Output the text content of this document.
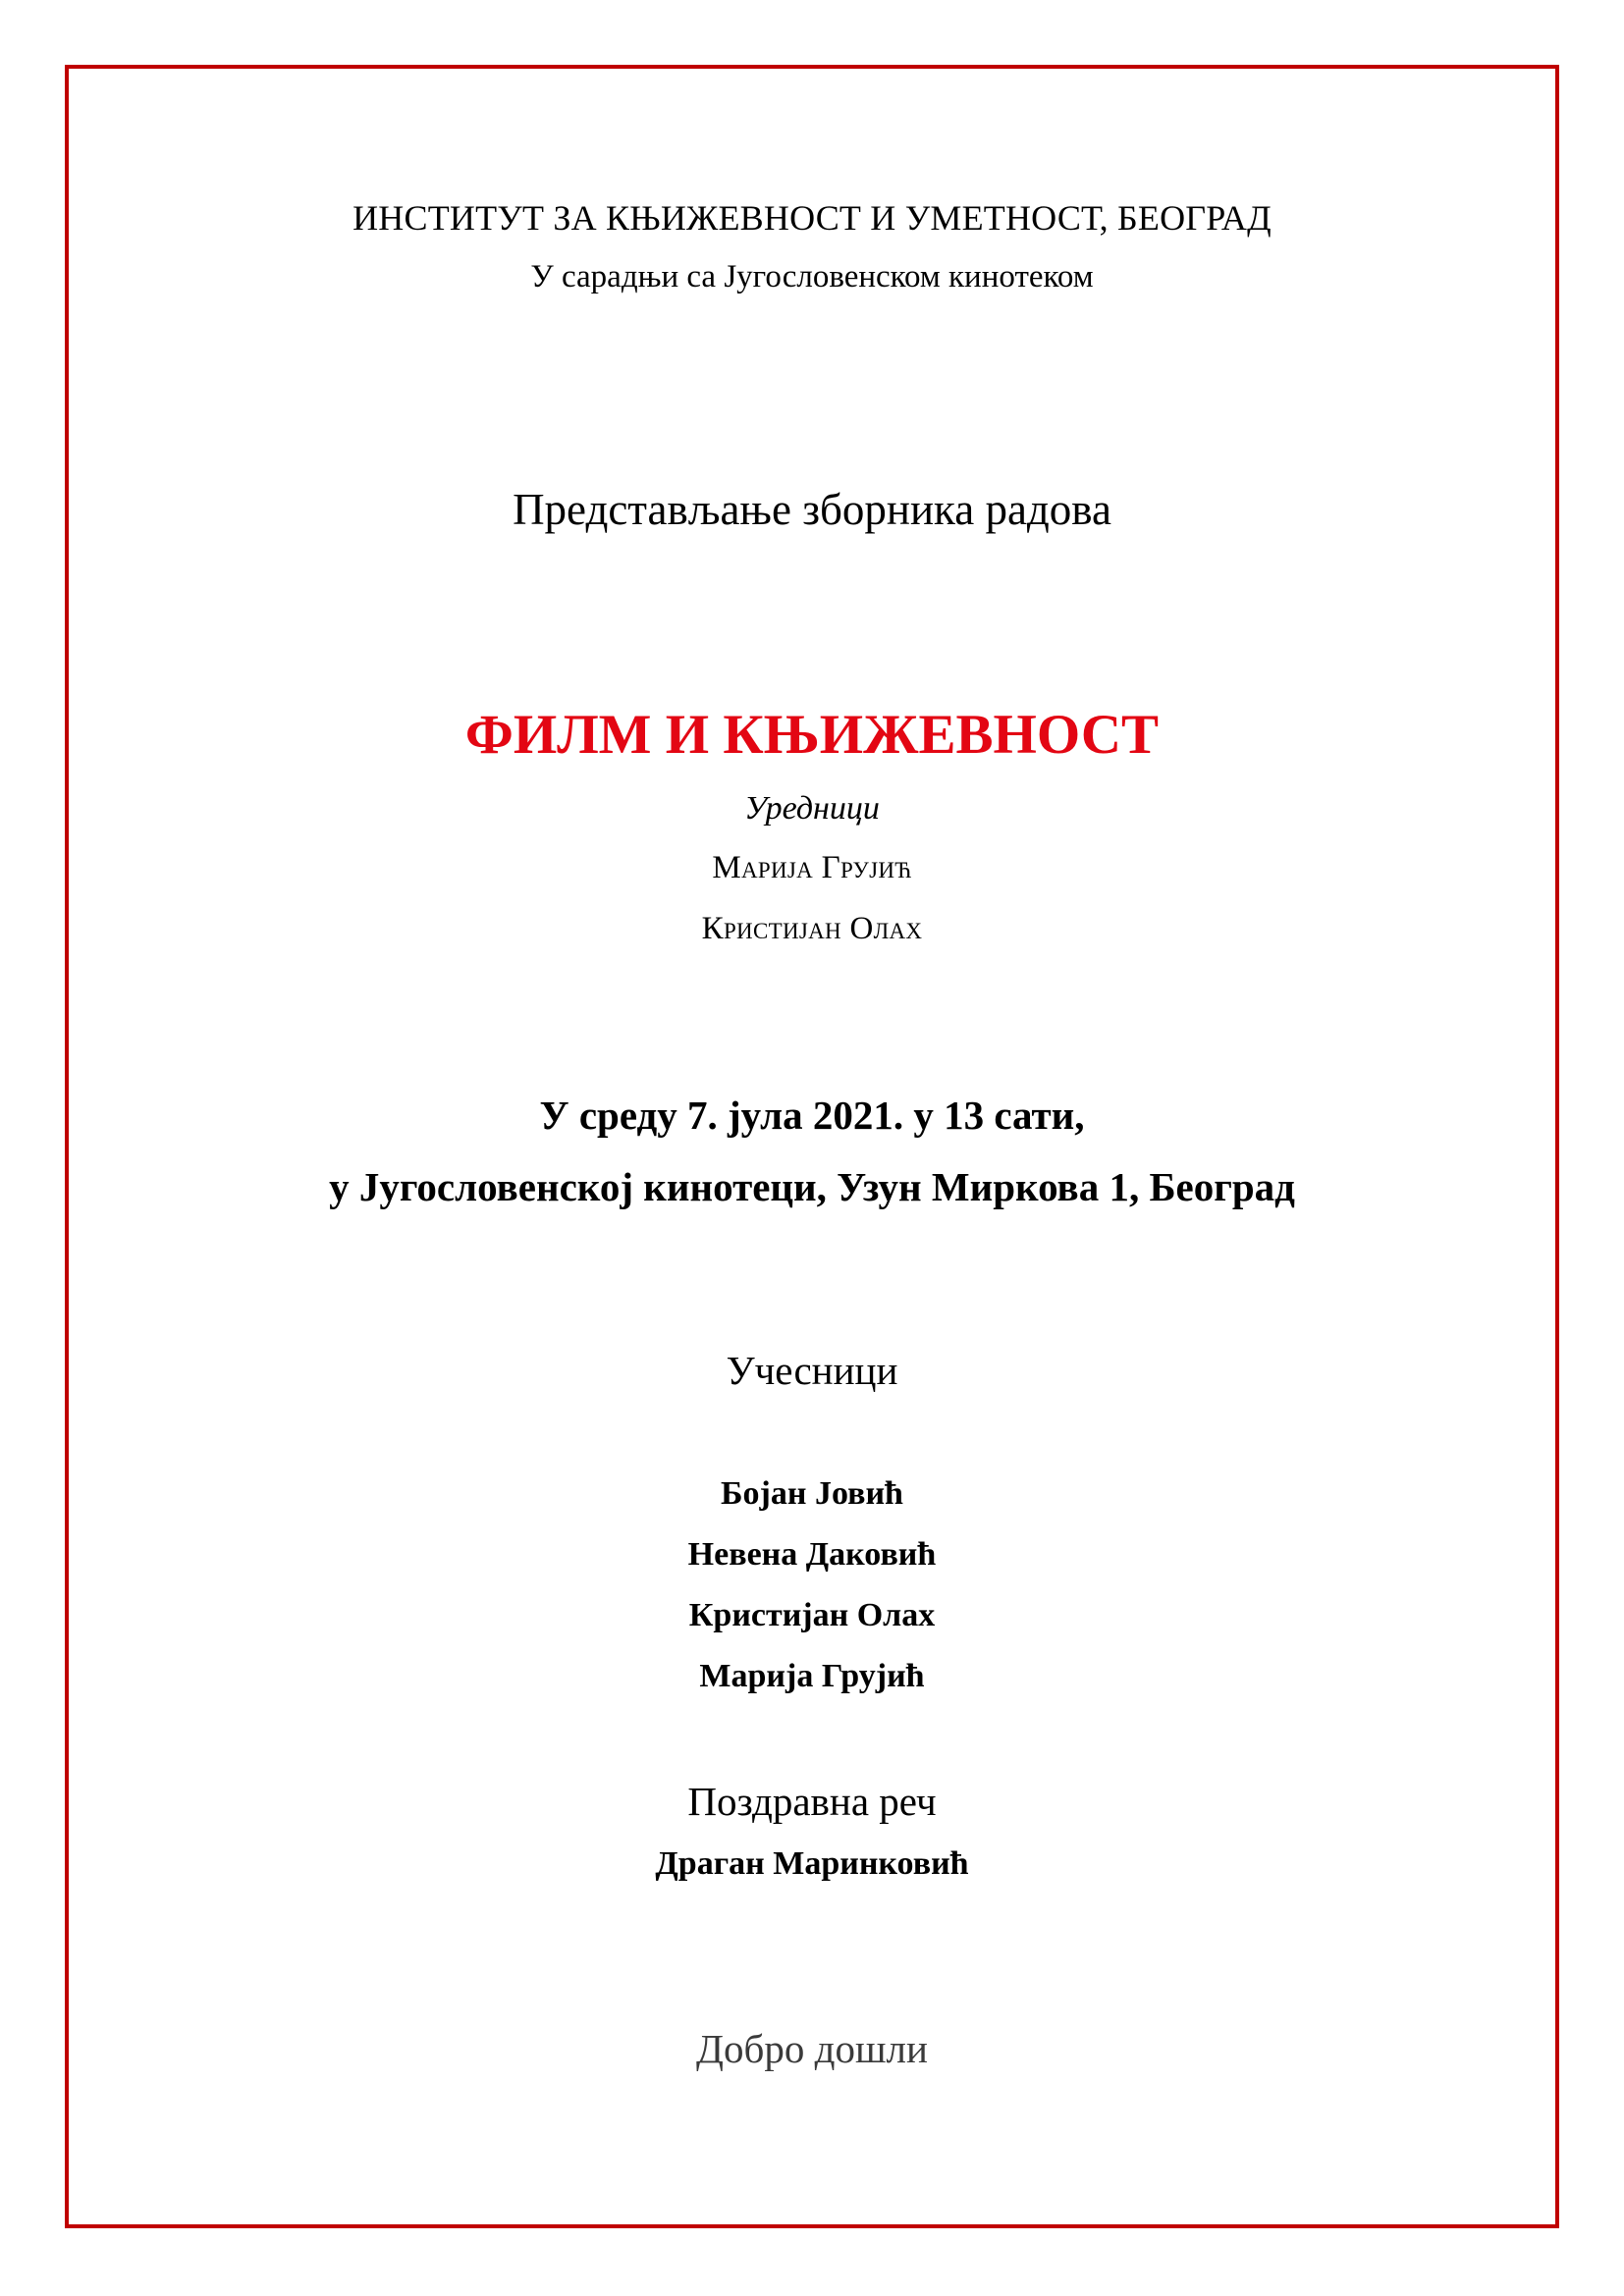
ИНСТИТУТ ЗА КЊИЖЕВНОСТ И УМЕТНОСТ, БЕОГРАД
У сарадњи са Југословенском кинотеком
Представљање зборника радова
ФИЛМ И КЊИЖЕВНОСТ
Уредници
Марија Грујић
Кристијан Олах
У среду 7. јула 2021. у 13 сати,
у Југословенској кинотеци, Узун Миркова 1, Београд
Учесници
Бојан Јовић
Невена Даковић
Кристијан Олах
Марија Грујић
Поздравна реч
Драган Маринковић
Добро дошли
